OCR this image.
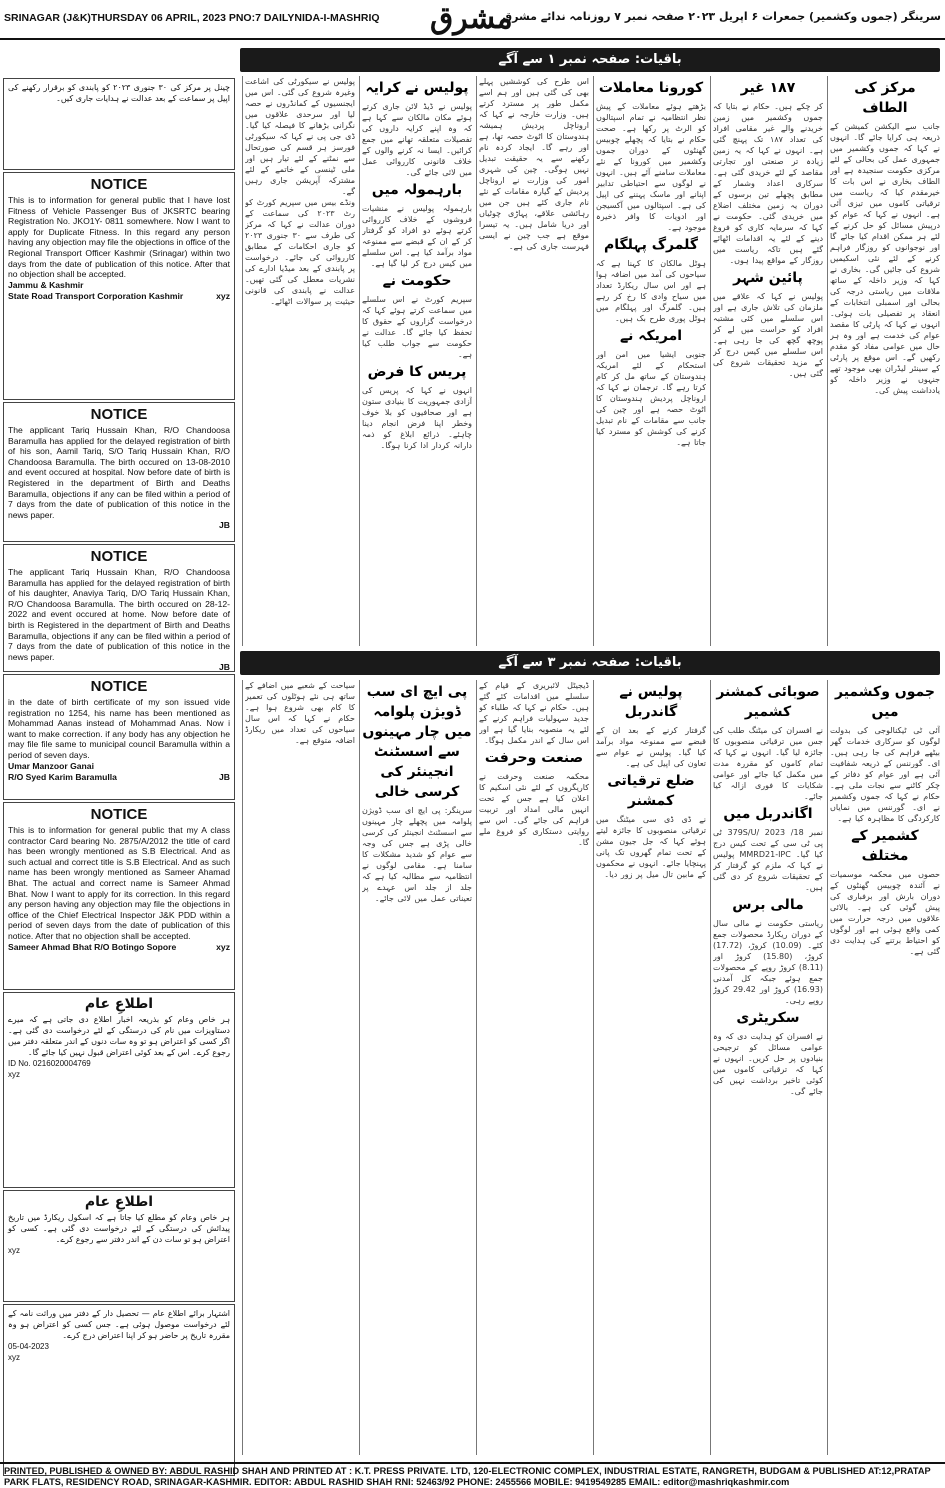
SRINAGAR (J&K)THURSDAY 06 APRIL, 2023 PNO:7 DAILYNIDA-I-MASHRIQ مشرق
سرینگر (جموں وکشمیر) جمعرات ۶ اپریل ۲۰۲۳ صفحہ نمبر ۷ روزنامہ ندائے مشرق
باقیات: صفحہ نمبر ۱ سے آگے
باقیات: صفحہ نمبر ۳ سے آگے
مرکز کی الطاف
جانب سے الیکشن کمیشن کے ذریعہ ہی کرایا جائے گا۔ انہوں نے کہا کہ جموں وکشمیر میں جمہوری عمل کی بحالی کے لئے مرکزی حکومت سنجیدہ ہے اور الطاف بخاری نے اس بات کا خیرمقدم کیا کہ ریاست میں ترقیاتی کاموں میں تیزی آئی ہے۔ انہوں نے کہا کہ عوام کو درپیش مسائل کو حل کرنے کے لئے ہر ممکن اقدام کیا جائے گا اور نوجوانوں کو روزگار فراہم کرنے کے لئے نئی اسکیمیں شروع کی جائیں گی۔ بخاری نے کہا کہ وزیر داخلہ کے ساتھ ملاقات میں ریاستی درجہ کی بحالی اور اسمبلی انتخابات کے انعقاد پر تفصیلی بات ہوئی۔ انہوں نے کہا کہ پارٹی کا مقصد عوام کی خدمت ہے اور وہ ہر حال میں عوامی مفاد کو مقدم رکھیں گے۔ اس موقع پر پارٹی کے سینئر لیڈران بھی موجود تھے جنہوں نے وزیر داخلہ کو یادداشت پیش کی۔
۱۸۷ غیر
کر چکے ہیں۔ حکام نے بتایا کہ جموں وکشمیر میں زمین خریدنے والے غیر مقامی افراد کی تعداد ۱۸۷ تک پہنچ گئی ہے۔ انہوں نے کہا کہ یہ زمین زیادہ تر صنعتی اور تجارتی مقاصد کے لئے خریدی گئی ہے۔ سرکاری اعداد وشمار کے مطابق پچھلے تین برسوں کے دوران یہ زمین مختلف اضلاع میں خریدی گئی۔ حکومت نے کہا کہ سرمایہ کاری کو فروغ دینے کے لئے یہ اقدامات اٹھائے گئے ہیں تاکہ ریاست میں روزگار کے مواقع پیدا ہوں۔
پائین شہر
پولیس نے کہا کہ علاقے میں ملزمان کی تلاش جاری ہے اور اس سلسلے میں کئی مشتبہ افراد کو حراست میں لے کر پوچھ گچھ کی جا رہی ہے۔ اس سلسلے میں کیس درج کر کے مزید تحقیقات شروع کی گئی ہیں۔
کورونا معاملات
بڑھتے ہوئے معاملات کے پیش نظر انتظامیہ نے تمام اسپتالوں کو الرٹ پر رکھا ہے۔ صحت حکام نے بتایا کہ پچھلے چوبیس گھنٹوں کے دوران جموں وکشمیر میں کورونا کے نئے معاملات سامنے آئے ہیں۔ انہوں نے لوگوں سے احتیاطی تدابیر اپنانے اور ماسک پہننے کی اپیل کی ہے۔ اسپتالوں میں آکسیجن اور ادویات کا وافر ذخیرہ موجود ہے۔
گلمرگ پہلگام
ہوٹل مالکان کا کہنا ہے کہ سیاحوں کی آمد میں اضافہ ہوا ہے اور اس سال ریکارڈ تعداد میں سیاح وادی کا رخ کر رہے ہیں۔ گلمرگ اور پہلگام میں ہوٹل پوری طرح بک ہیں۔
امریکہ نے
جنوبی ایشیا میں امن اور استحکام کے لئے امریکہ ہندوستان کے ساتھ مل کر کام کرتا رہے گا۔ ترجمان نے کہا کہ اروناچل پردیش ہندوستان کا اٹوٹ حصہ ہے اور چین کی جانب سے مقامات کے نام تبدیل کرنے کی کوشش کو مسترد کیا جاتا ہے۔
اس طرح کی کوششیں پہلے بھی کی گئی ہیں اور ہم اسے مکمل طور پر مسترد کرتے ہیں۔ وزارت خارجہ نے کہا کہ اروناچل پردیش ہمیشہ ہندوستان کا اٹوٹ حصہ تھا، ہے اور رہے گا۔ ایجاد کردہ نام رکھنے سے یہ حقیقت تبدیل نہیں ہوگی۔ چین کی شہری امور کی وزارت نے اروناچل پردیش کے گیارہ مقامات کے نئے نام جاری کئے ہیں جن میں رہائشی علاقے، پہاڑی چوٹیاں اور دریا شامل ہیں۔ یہ تیسرا موقع ہے جب چین نے ایسی فہرست جاری کی ہے۔
پولیس نے کرایہ
پولیس نے ڈیڈ لائن جاری کرتے ہوئے مکان مالکان سے کہا ہے کہ وہ اپنے کرایہ داروں کی تفصیلات متعلقہ تھانے میں جمع کرائیں۔ ایسا نہ کرنے والوں کے خلاف قانونی کارروائی عمل میں لائی جائے گی۔
بارہمولہ میں
بارہمولہ پولیس نے منشیات فروشوں کے خلاف کارروائی کرتے ہوئے دو افراد کو گرفتار کر کے ان کے قبضے سے ممنوعہ مواد برآمد کیا ہے۔ اس سلسلے میں کیس درج کر لیا گیا ہے۔
حکومت نے
سپریم کورٹ نے اس سلسلے میں سماعت کرتے ہوئے کہا کہ درخواست گزاروں کے حقوق کا تحفظ کیا جائے گا۔ عدالت نے حکومت سے جواب طلب کیا ہے۔
پریس کا فرض
انہوں نے کہا کہ پریس کی آزادی جمہوریت کا بنیادی ستون ہے اور صحافیوں کو بلا خوف وخطر اپنا فرض انجام دینا چاہئے۔ ذرائع ابلاغ کو ذمہ دارانہ کردار ادا کرنا ہوگا۔
پولیس نے سیکورٹی کی اشاعت وغیرہ شروع کی گئی۔ اس میں ایجنسیوں کے کمانڈروں نے حصہ لیا اور سرحدی علاقوں میں نگرانی بڑھانے کا فیصلہ کیا گیا۔ ڈی جی پی نے کہا کہ سیکورٹی فورسز ہر قسم کی صورتحال سے نمٹنے کے لئے تیار ہیں اور ملی ٹینسی کے خاتمے کے لئے مشترکہ آپریشن جاری رہیں گے۔
ونڈے بیس میں سپریم کورٹ کو رٹ ۲۰۲۳ کی سماعت کے دوران عدالت نے کہا کہ مرکز کی طرف سے ۳۰ جنوری ۲۰۲۳ کو جاری احکامات کے مطابق کارروائی کی جائے۔ درخواست پر پابندی کے بعد میڈیا ادارے کی نشریات معطل کی گئی تھیں۔ عدالت نے پابندی کی قانونی حیثیت پر سوالات اٹھائے۔
جموں وکشمیر میں
آئی ٹی ٹیکنالوجی کی بدولت لوگوں کو سرکاری خدمات گھر بیٹھے فراہم کی جا رہی ہیں۔ ای۔ گورننس کے ذریعہ شفافیت آئی ہے اور عوام کو دفاتر کے چکر کاٹنے سے نجات ملی ہے۔ حکام نے کہا کہ جموں وکشمیر نے ای۔ گورننس میں نمایاں کارکردگی کا مظاہرہ کیا ہے۔
کشمیر کے مختلف
حصوں میں محکمہ موسمیات نے آئندہ چوبیس گھنٹوں کے دوران بارش اور برفباری کی پیش گوئی کی ہے۔ بالائی علاقوں میں درجہ حرارت میں کمی واقع ہوئی ہے اور لوگوں کو احتیاط برتنے کی ہدایت دی گئی ہے۔
صوبائی کمشنر کشمیر
نے افسران کی میٹنگ طلب کی جس میں ترقیاتی منصوبوں کا جائزہ لیا گیا۔ انہوں نے کہا کہ تمام کاموں کو مقررہ مدت میں مکمل کیا جائے اور عوامی شکایات کا فوری ازالہ کیا جائے۔
اگاندربل میں
نمبر 18/ 2023 /379S/U ٹی پی ٹی سی کے تحت کیس درج کیا گیا۔ MMRD21-IPC پولیس نے کہا کہ ملزم کو گرفتار کر کے تحقیقات شروع کر دی گئی ہیں۔
مالی برس
ریاستی حکومت نے مالی سال کے دوران ریکارڈ محصولات جمع کئے۔ (10.09) کروڑ، (17.72) کروڑ، (15.80) کروڑ اور (8.11) کروڑ روپے کے محصولات جمع ہوئے جبکہ کل آمدنی (16.93) کروڑ اور 29.42 کروڑ روپے رہی۔
سکریٹری
نے افسران کو ہدایت دی کہ وہ عوامی مسائل کو ترجیحی بنیادوں پر حل کریں۔ انہوں نے کہا کہ ترقیاتی کاموں میں کوئی تاخیر برداشت نہیں کی جائے گی۔
پولیس نے گاندربل
گرفتار کرنے کے بعد ان کے قبضے سے ممنوعہ مواد برآمد کیا گیا۔ پولیس نے عوام سے تعاون کی اپیل کی ہے۔
ضلع ترقیاتی کمشنر
نے ڈی ڈی سی میٹنگ میں ترقیاتی منصوبوں کا جائزہ لیتے ہوئے کہا کہ جل جیون مشن کے تحت تمام گھروں تک پانی پہنچایا جائے۔ انہوں نے محکموں کے مابین تال میل پر زور دیا۔
ڈیجیٹل لائبریری کے قیام کے سلسلے میں اقدامات کئے گئے ہیں۔ حکام نے کہا کہ طلباء کو جدید سہولیات فراہم کرنے کے لئے یہ منصوبہ بنایا گیا ہے اور اس سال کے اندر مکمل ہوگا۔
صنعت وحرفت
محکمہ صنعت وحرفت نے کاریگروں کے لئے نئی اسکیم کا اعلان کیا ہے جس کے تحت انہیں مالی امداد اور تربیت فراہم کی جائے گی۔ اس سے روایتی دستکاری کو فروغ ملے گا۔
پی ایچ ای سب ڈویژن پلوامہ میں چار مہینوں سے اسسٹنٹ انجینئر کی کرسی خالی
سرینگر: پی ایچ ای سب ڈویژن پلوامہ میں پچھلے چار مہینوں سے اسسٹنٹ انجینئر کی کرسی خالی پڑی ہے جس کی وجہ سے عوام کو شدید مشکلات کا سامنا ہے۔ مقامی لوگوں نے انتظامیہ سے مطالبہ کیا ہے کہ جلد از جلد اس عہدے پر تعیناتی عمل میں لائی جائے۔
سیاحت کے شعبے میں اضافے کے ساتھ ہی نئے ہوٹلوں کی تعمیر کا کام بھی شروع ہوا ہے۔ حکام نے کہا کہ اس سال سیاحوں کی تعداد میں ریکارڈ اضافہ متوقع ہے۔

چینل پر مرکز کی ۳۰ جنوری ۲۰۲۳ کو پابندی کو برقرار رکھنے کی اپیل پر سماعت کے بعد عدالت نے ہدایات جاری کیں۔

NOTICE

This is to information for general public that I have lost Fitness of Vehicle Passenger Bus of JKSRTC bearing Registration No. JKO1Y- 0811 somewhere. Now I want to apply for Duplicate Fitness. In this regard any person having any objection may file the objections in office of the Regional Transport Officer Kashmir (Srinagar) within two days from the date of publication of this notice. After that no objection shall be accepted.

Jammu & Kashmir
State Road Transport Corporation Kashmir	xyz
NOTICE

The applicant Tariq Hussain Khan, R/O Chandoosa Baramulla has applied for the delayed registration of birth of his son, Aamil Tariq, S/O Tariq Hussain Khan, R/O Chandoosa Baramulla. The birth occured on 13-08-2010 and event occured at hospital. Now before date of birth is Registered in the department of Birth and Deaths Baramulla, objections if any can be filed within a period of 7 days from the date of publication of this notice in the news paper.

JB
NOTICE

The applicant Tariq Hussain Khan, R/O Chandoosa Baramulla has applied for the delayed registration of birth of his daughter, Anaviya Tariq, D/O Tariq Hussain Khan, R/O Chandoosa Baramulla. The birth occured on 28-12-2022 and event occured at home. Now before date of birth is Registered in the department of Birth and Deaths Baramulla, objections if any can be filed within a period of 7 days from the date of publication of this notice in the news paper.

JB
NOTICE

in the date of birth certificate of my son issued vide registration no 1254, his name has been mentioned as Mohammad Aanas instead of Mohammad Anas. Now i want to make correction. if any body has any objection he may file file same to municipal council Baramulla within a period of seven days.

Umar Manzoor Ganai
R/O Syed Karim Baramulla	JB
NOTICE

This is to information for general public that my A class contractor Card bearing No. 2875/A/2012 the title of card has been wrongly mentioned as S.B Electrical. And as such actual and correct title is S.B Electrical. And as such name has been wrongly mentioned as Sameer Ahamad Bhat. The actual and correct name is Sameer Ahmad Bhat. Now I want to apply for its correction. In this regard any person having any objection may file the objections in office of the Chief Electrical Inspector J&K PDD within a period of seven days from the date of publication of this notice. After that no objection shall be accepted.

Sameer Ahmad Bhat R/O Botingo Sopore	xyz
اطلاعِ عام

ہر خاص وعام کو بذریعہ اخبار اطلاع دی جاتی ہے کہ میرے دستاویزات میں نام کی درستگی کے لئے درخواست دی گئی ہے۔ اگر کسی کو اعتراض ہو تو وہ سات دنوں کے اندر متعلقہ دفتر میں رجوع کرے۔ اس کے بعد کوئی اعتراض قبول نہیں کیا جائے گا۔

ID No. 0216020004769

xyz

اطلاعِ عام

ہر خاص وعام کو مطلع کیا جاتا ہے کہ اسکول ریکارڈ میں تاریخ پیدائش کی درستگی کے لئے درخواست دی گئی ہے۔ کسی کو اعتراض ہو تو سات دن کے اندر دفتر سے رجوع کرے۔

xyz

اشتہار برائے اطلاع عام — تحصیل دار کے دفتر میں وراثت نامہ کے لئے درخواست موصول ہوئی ہے۔ جس کسی کو اعتراض ہو وہ مقررہ تاریخ پر حاضر ہو کر اپنا اعتراض درج کرے۔

05-04-2023

xyz

PRINTED, PUBLISHED & OWNED BY: ABDUL RASHID SHAH AND PRINTED AT : K.T. PRESS PRIVATE. LTD, 120-ELECTRONIC COMPLEX, INDUSTRIAL ESTATE, RANGRETH, BUDGAM & PUBLISHED AT:12,PRATAP
PARK FLATS, RESIDENCY ROAD, SRINAGAR-KASHMIR. EDITOR: ABDUL RASHID SHAH RNI: 52463/92 PHONE: 2455566 MOBILE: 9419549285 EMAIL: editor@mashriqkashmir.com
